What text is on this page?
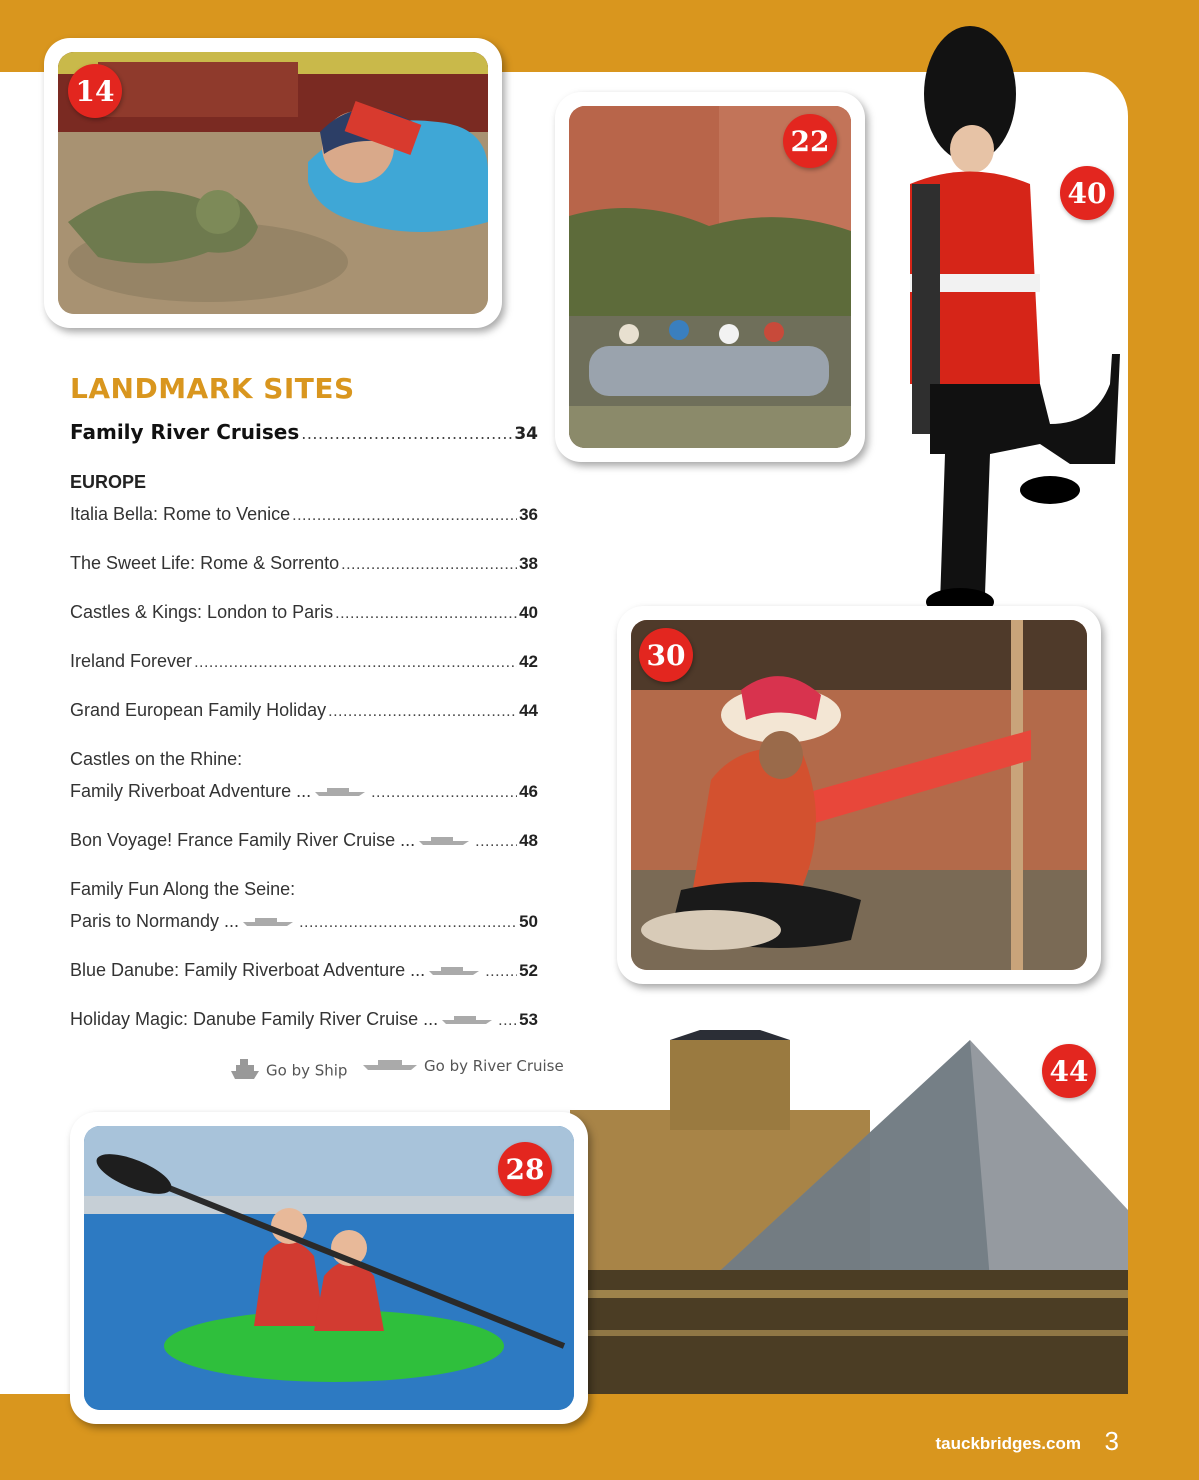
14
22
40
30
44
28
LANDMARK SITES
Family River Cruises .....	34
EUROPE
Italia Bella: Rome to Venice .....	36
The Sweet Life: Rome & Sorrento .....	38
Castles & Kings: London to Paris .....	40
Ireland Forever .....	42
Grand European Family Holiday .....	44
Castles on the Rhine:
Family Riverboat Adventure ... .....	46
Bon Voyage! France Family River Cruise ... .....	48
Family Fun Along the Seine:
Paris to Normandy ... .....	50
Blue Danube: Family Riverboat Adventure ... .....	52
Holiday Magic: Danube Family River Cruise ... .....	53
Go by Ship	Go by River Cruise
tauckbridges.com 3
